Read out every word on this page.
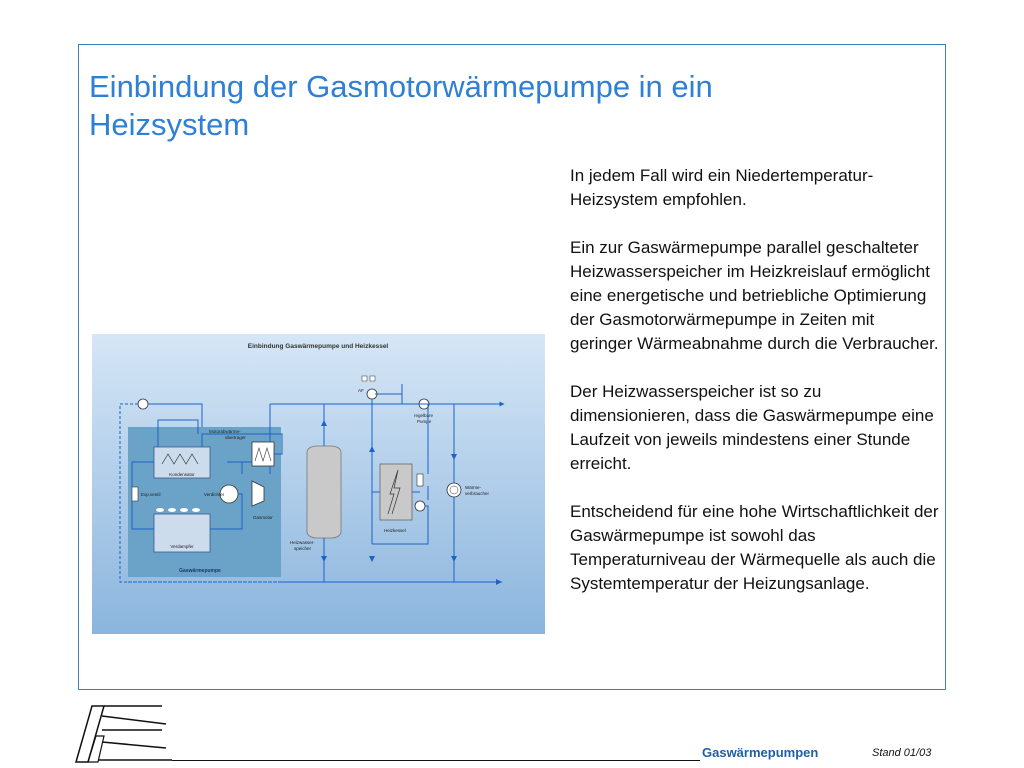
Einbindung der Gasmotorwärmepumpe in ein Heizsystem

In jedem Fall wird ein Niedertemperatur-Heizsystem empfohlen.

Ein zur Gaswärmepumpe parallel geschalteter Heizwasserspeicher im Heizkreislauf ermöglicht eine energetische und betriebliche Optimierung der Gasmotorwärmepumpe in Zeiten mit geringer Wärmeabnahme durch die Verbraucher.

Der Heizwasserspeicher ist so zu dimensionieren, dass die Gaswärmepumpe eine Laufzeit von jeweils mindestens einer Stunde erreicht.

Entscheidend für eine hohe Wirtschaftlichkeit der Gaswärmepumpe ist sowohl das Temperaturniveau der Wärmequelle als auch die Systemtemperatur der Heizungsanlage.

Einbindung Gaswärmepumpe und Heizkessel
Gaswärmepumpe
Kondensator
Verdampfer
Exp.ventil	Verdichter
Gasmotor
Motorabwärme-
übertrager
Heizwasser-
speicher
Heizkessel
Wärme-
verbraucher
regelbare
Pumpe
AF
Gaswärmepumpen	Stand 01/03
